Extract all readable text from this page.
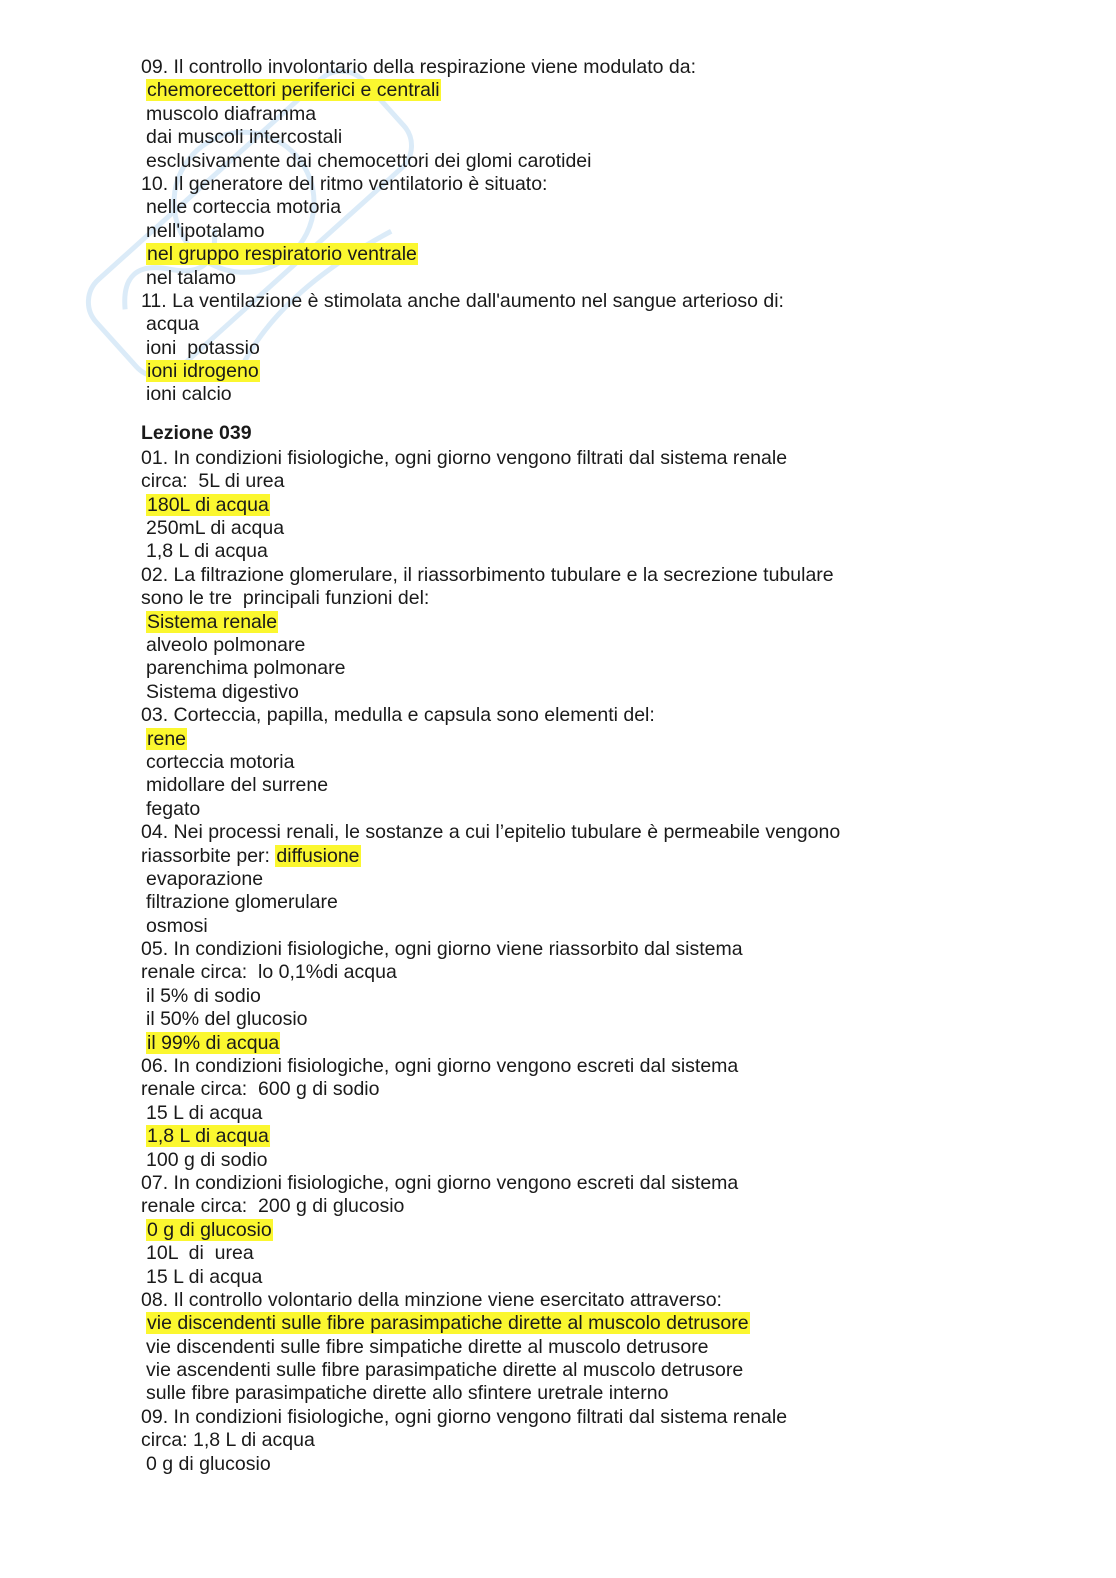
09. Il controllo involontario della respirazione viene modulato da:
chemorecettori periferici e centrali
muscolo diaframma
dai muscoli intercostali
esclusivamente dai chemocettori dei glomi carotidei
10. Il generatore del ritmo ventilatorio è situato:
nelle corteccia motoria
nell'ipotalamo
nel gruppo respiratorio ventrale
nel talamo
11. La ventilazione è stimolata anche dall'aumento nel sangue arterioso di:
acqua
ioni  potassio
ioni idrogeno
ioni calcio
Lezione 039
01. In condizioni fisiologiche, ogni giorno vengono filtrati dal sistema renale
circa:  5L di urea
180L di acqua
250mL di acqua
1,8 L di acqua
02. La filtrazione glomerulare, il riassorbimento tubulare e la secrezione tubulare
sono le tre  principali funzioni del:
Sistema renale
alveolo polmonare
parenchima polmonare
Sistema digestivo
03. Corteccia, papilla, medulla e capsula sono elementi del:
rene
corteccia motoria
midollare del surrene
fegato
04. Nei processi renali, le sostanze a cui l’epitelio tubulare è permeabile vengono
riassorbite per: diffusione
evaporazione
filtrazione glomerulare
osmosi
05. In condizioni fisiologiche, ogni giorno viene riassorbito dal sistema
renale circa:  lo 0,1%di acqua
il 5% di sodio
il 50% del glucosio
il 99% di acqua
06. In condizioni fisiologiche, ogni giorno vengono escreti dal sistema
renale circa:  600 g di sodio
15 L di acqua
1,8 L di acqua
100 g di sodio
07. In condizioni fisiologiche, ogni giorno vengono escreti dal sistema
renale circa:  200 g di glucosio
0 g di glucosio
10L  di  urea
15 L di acqua
08. Il controllo volontario della minzione viene esercitato attraverso:
vie discendenti sulle fibre parasimpatiche dirette al muscolo detrusore
vie discendenti sulle fibre simpatiche dirette al muscolo detrusore
vie ascendenti sulle fibre parasimpatiche dirette al muscolo detrusore
sulle fibre parasimpatiche dirette allo sfintere uretrale interno
09. In condizioni fisiologiche, ogni giorno vengono filtrati dal sistema renale
circa: 1,8 L di acqua
0 g di glucosio
